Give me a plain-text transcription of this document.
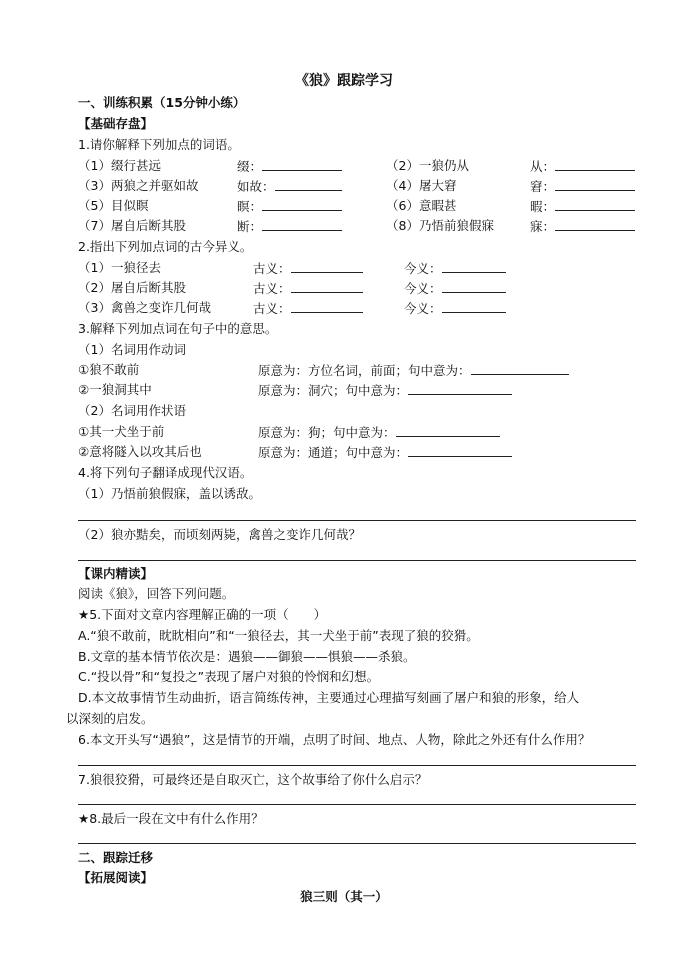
《狼》跟踪学习
一、训练积累（15分钟小练）
【基础存盘】
1.请你解释下列加点的词语。
（1）缀行甚远	缀：	（2）一狼仍从	从：
（3）两狼之并驱如故	如故：	（4）屠大窘	窘：
（5）目似瞑	瞑：	（6）意暇甚	暇：
（7）屠自后断其股	断：	（8）乃悟前狼假寐	寐：
2.指出下列加点词的古今异义。
（1）一狼径去	古义：	今义：
（2）屠自后断其股	古义：	今义：
（3）禽兽之变诈几何哉	古义：	今义：
3.解释下列加点词在句子中的意思。
（1）名词用作动词
①狼不敢前	原意为：方位名词，前面；句中意为：
②一狼洞其中	原意为：洞穴；句中意为：
（2）名词用作状语
①其一犬坐于前	原意为：狗；句中意为：
②意将隧入以攻其后也	原意为：通道；句中意为：
4.将下列句子翻译成现代汉语。
（1）乃悟前狼假寐，盖以诱敌。
（2）狼亦黠矣，而顷刻两毙，禽兽之变诈几何哉？
【课内精读】
阅读《狼》，回答下列问题。
★5.下面对文章内容理解正确的一项（　　）
A.“狼不敢前，眈眈相向”和“一狼径去，其一犬坐于前”表现了狼的狡猾。
B.文章的基本情节依次是：遇狼——御狼——惧狼——杀狼。
C.“投以骨”和“复投之”表现了屠户对狼的怜悯和幻想。
D.本文故事情节生动曲折，语言简练传神，主要通过心理描写刻画了屠户和狼的形象，给人
以深刻的启发。
6.本文开头写“遇狼”，这是情节的开端，点明了时间、地点、人物，除此之外还有什么作用？
7.狼很狡猾，可最终还是自取灭亡，这个故事给了你什么启示？
★8.最后一段在文中有什么作用？
二、跟踪迁移
【拓展阅读】
狼三则（其一）
